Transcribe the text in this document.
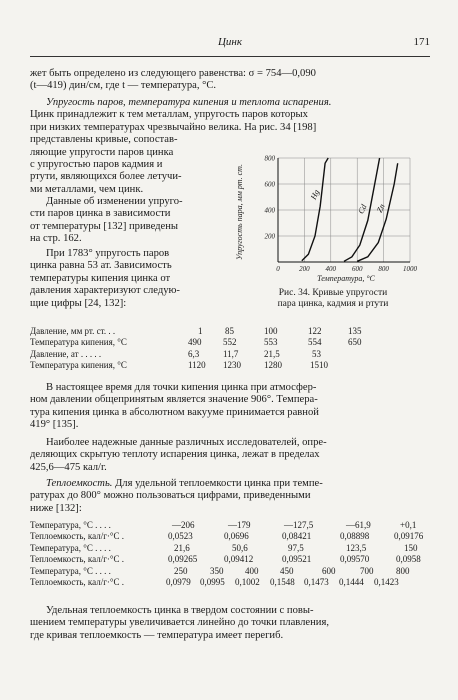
Цинк	171
жет быть определено из следующего равенства: σ = 754—0,090
(t—419) дин/см, где t — температура, °С.
Упругость паров, температура кипения и теплота испарения.
Цинк принадлежит к тем металлам, упругость паров которых
при низких температурах чрезвычайно велика. На рис. 34 [198]
представлены кривые, сопостав-
ляющие упругости паров цинка
с упругостью паров кадмия и
ртути, являющихся более летучи-
ми металлами, чем цинк.
Данные об изменении упруго-
сти паров цинка в зависимости
от температуры [132] приведены
на стр. 162.
При 1783° упругость паров
цинка равна 53 ат. Зависимость
температуры кипения цинка от
давления характеризуют следую-
щие цифры [24, 132]:
0	200 400 600 800 1000
200
400
600
800
Hg
Cd Zn
Упругость пара, мм рт. ст.
Температура, °С
Рис. 34. Кривые упругости
пара цинка, кадмия и ртути
Давление, мм рт. ст. . .	1	85	100	122	135
Температура кипения, °С	490 552	553	554	650
Давление, ат . . . . .	6,3	11,7	21,5	53
Температура кипения, °С	1120 1230	1280	1510
В настоящее время для точки кипения цинка при атмосфер-
ном давлении общепринятым является значение 906°. Темпера-
тура кипения цинка в абсолютном вакууме принимается равной
419° [135].
Наиболее надежные данные различных исследователей, опре-
деляющих скрытую теплоту испарения цинка, лежат в пределах
425,6—475 кал/г.
Теплоемкость. Для удельной теплоемкости цинка при темпе-
ратурах до 800° можно пользоваться цифрами, приведенными
ниже [132]:
Температура, °С . . . .	—206	—179	—127,5	—61,9	+0,1
Теплоемкость, кал/г·°С .	0,0523	0,0696	0,08421	0,08898	0,09176
Температура, °С . . . .	21,6	50,6	97,5	123,5	150
Теплоемкость, кал/г·°С .	0,09265	0,09412	0,09521	0,09570	0,0958
Температура, °С . . . .	250	350 400 450	600	700	800
Теплоемкость, кал/г·°С .	0,0979 0,0995 0,1002 0,1548 0,1473 0,1444 0,1423
Удельная теплоемкость цинка в твердом состоянии с повы-
шением температуры увеличивается линейно до точки плавления,
где кривая теплоемкость — температура имеет перегиб.
